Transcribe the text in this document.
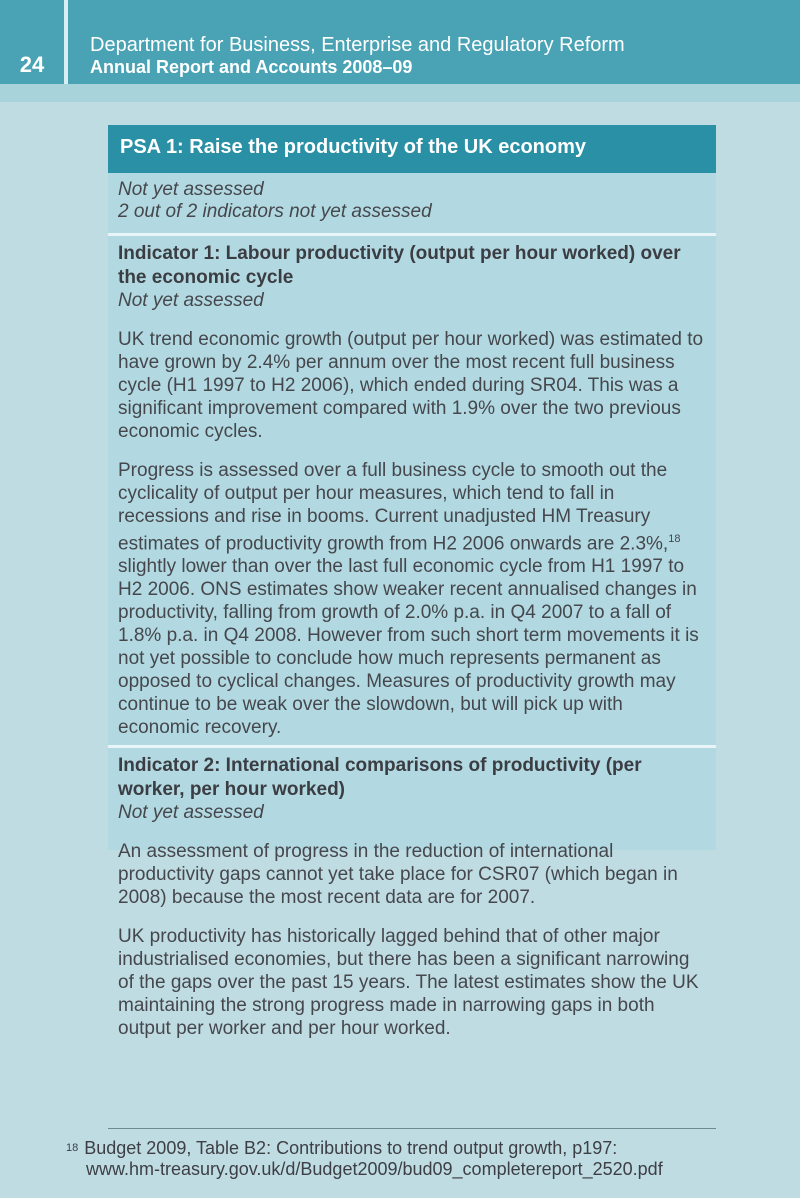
24
Department for Business, Enterprise and Regulatory Reform
Annual Report and Accounts 2008–09
PSA 1: Raise the productivity of the UK economy
Not yet assessed
2 out of 2 indicators not yet assessed
Indicator 1: Labour productivity (output per hour worked) over the economic cycle
Not yet assessed
UK trend economic growth (output per hour worked) was estimated to have grown by 2.4% per annum over the most recent full business cycle (H1 1997 to H2 2006), which ended during SR04. This was a significant improvement compared with 1.9% over the two previous economic cycles.
Progress is assessed over a full business cycle to smooth out the cyclicality of output per hour measures, which tend to fall in recessions and rise in booms. Current unadjusted HM Treasury estimates of productivity growth from H2 2006 onwards are 2.3%,$^{18}$ slightly lower than over the last full economic cycle from H1 1997 to H2 2006. ONS estimates show weaker recent annualised changes in productivity, falling from growth of 2.0% p.a. in Q4 2007 to a fall of 1.8% p.a. in Q4 2008. However from such short term movements it is not yet possible to conclude how much represents permanent as opposed to cyclical changes. Measures of productivity growth may continue to be weak over the slowdown, but will pick up with economic recovery.
Indicator 2: International comparisons of productivity (per worker, per hour worked)
Not yet assessed
An assessment of progress in the reduction of international productivity gaps cannot yet take place for CSR07 (which began in 2008) because the most recent data are for 2007.
UK productivity has historically lagged behind that of other major industrialised economies, but there has been a significant narrowing of the gaps over the past 15 years. The latest estimates show the UK maintaining the strong progress made in narrowing gaps in both output per worker and per hour worked.
$^{18}$ Budget 2009, Table B2: Contributions to trend output growth, p197:
www.hm-treasury.gov.uk/d/Budget2009/bud09_completereport_2520.pdf
